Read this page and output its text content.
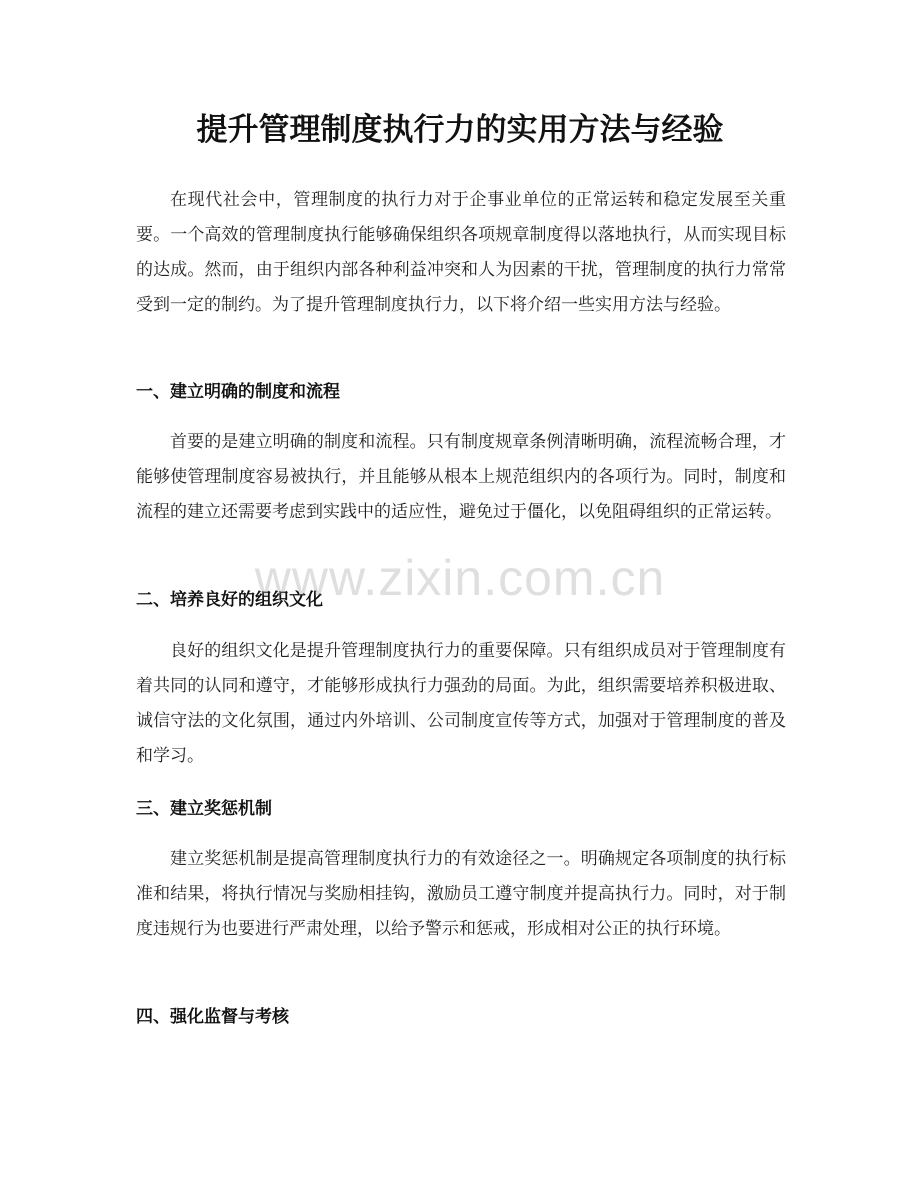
提升管理制度执行力的实用方法与经验

在现代社会中，管理制度的执行力对于企事业单位的正常运转和稳定发展至关重要。一个高效的管理制度执行能够确保组织各项规章制度得以落地执行，从而实现目标的达成。然而，由于组织内部各种利益冲突和人为因素的干扰，管理制度的执行力常常受到一定的制约。为了提升管理制度执行力，以下将介绍一些实用方法与经验。

一、建立明确的制度和流程

首要的是建立明确的制度和流程。只有制度规章条例清晰明确，流程流畅合理，才能够使管理制度容易被执行，并且能够从根本上规范组织内的各项行为。同时，制度和流程的建立还需要考虑到实践中的适应性，避免过于僵化，以免阻碍组织的正常运转。

二、培养良好的组织文化

良好的组织文化是提升管理制度执行力的重要保障。只有组织成员对于管理制度有着共同的认同和遵守，才能够形成执行力强劲的局面。为此，组织需要培养积极进取、诚信守法的文化氛围，通过内外培训、公司制度宣传等方式，加强对于管理制度的普及和学习。

三、建立奖惩机制

建立奖惩机制是提高管理制度执行力的有效途径之一。明确规定各项制度的执行标准和结果，将执行情况与奖励相挂钩，激励员工遵守制度并提高执行力。同时，对于制度违规行为也要进行严肃处理，以给予警示和惩戒，形成相对公正的执行环境。

四、强化监督与考核
www.zixin.com.cn
